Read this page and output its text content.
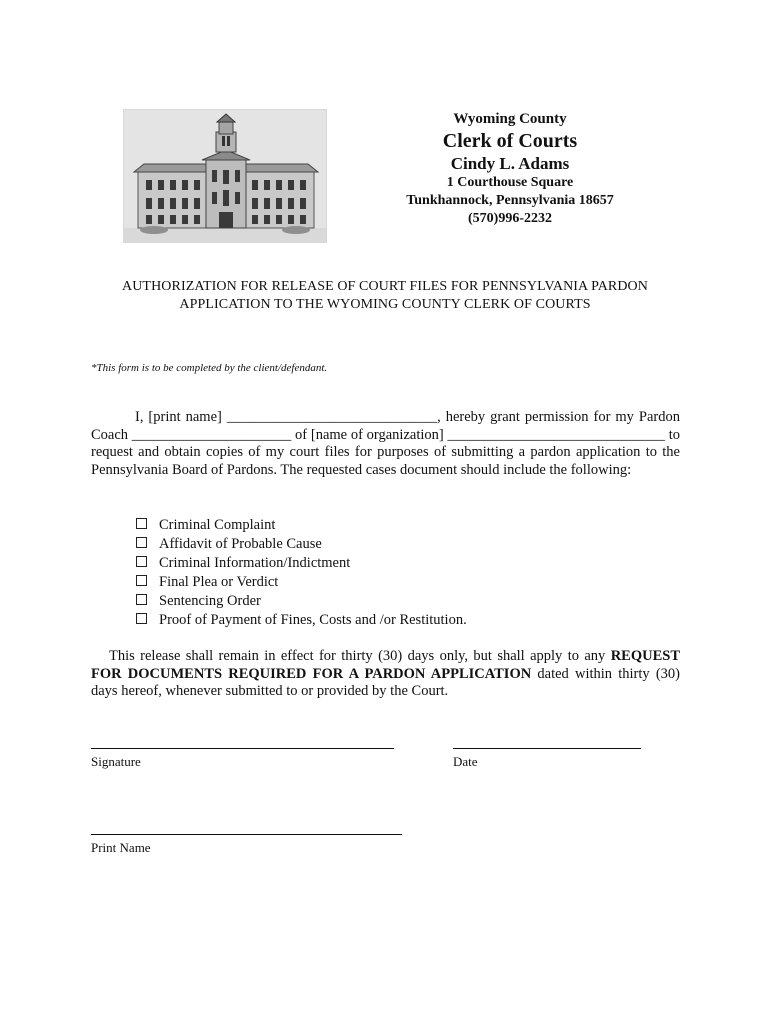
Wyoming County
Clerk of Courts
Cindy L. Adams
1 Courthouse Square
Tunkhannock, Pennsylvania 18657
(570)996-2232
AUTHORIZATION FOR RELEASE OF COURT FILES FOR PENNSYLVANIA PARDON
APPLICATION TO THE WYOMING COUNTY CLERK OF COURTS
*This form is to be completed by the client/defendant.
I, [print name] _____________________________, hereby grant permission for my Pardon Coach ______________________ of [name of organization] ______________________________ to request and obtain copies of my court files for purposes of submitting a pardon application to the Pennsylvania Board of Pardons. The requested cases document should include the following:
Criminal Complaint
Affidavit of Probable Cause
Criminal Information/Indictment
Final Plea or Verdict
Sentencing Order
Proof of Payment of Fines, Costs and /or Restitution.
This release shall remain in effect for thirty (30) days only, but shall apply to any REQUEST FOR DOCUMENTS REQUIRED FOR A PARDON APPLICATION dated within thirty (30) days hereof, whenever submitted to or provided by the Court.
Signature	Date
Print Name
